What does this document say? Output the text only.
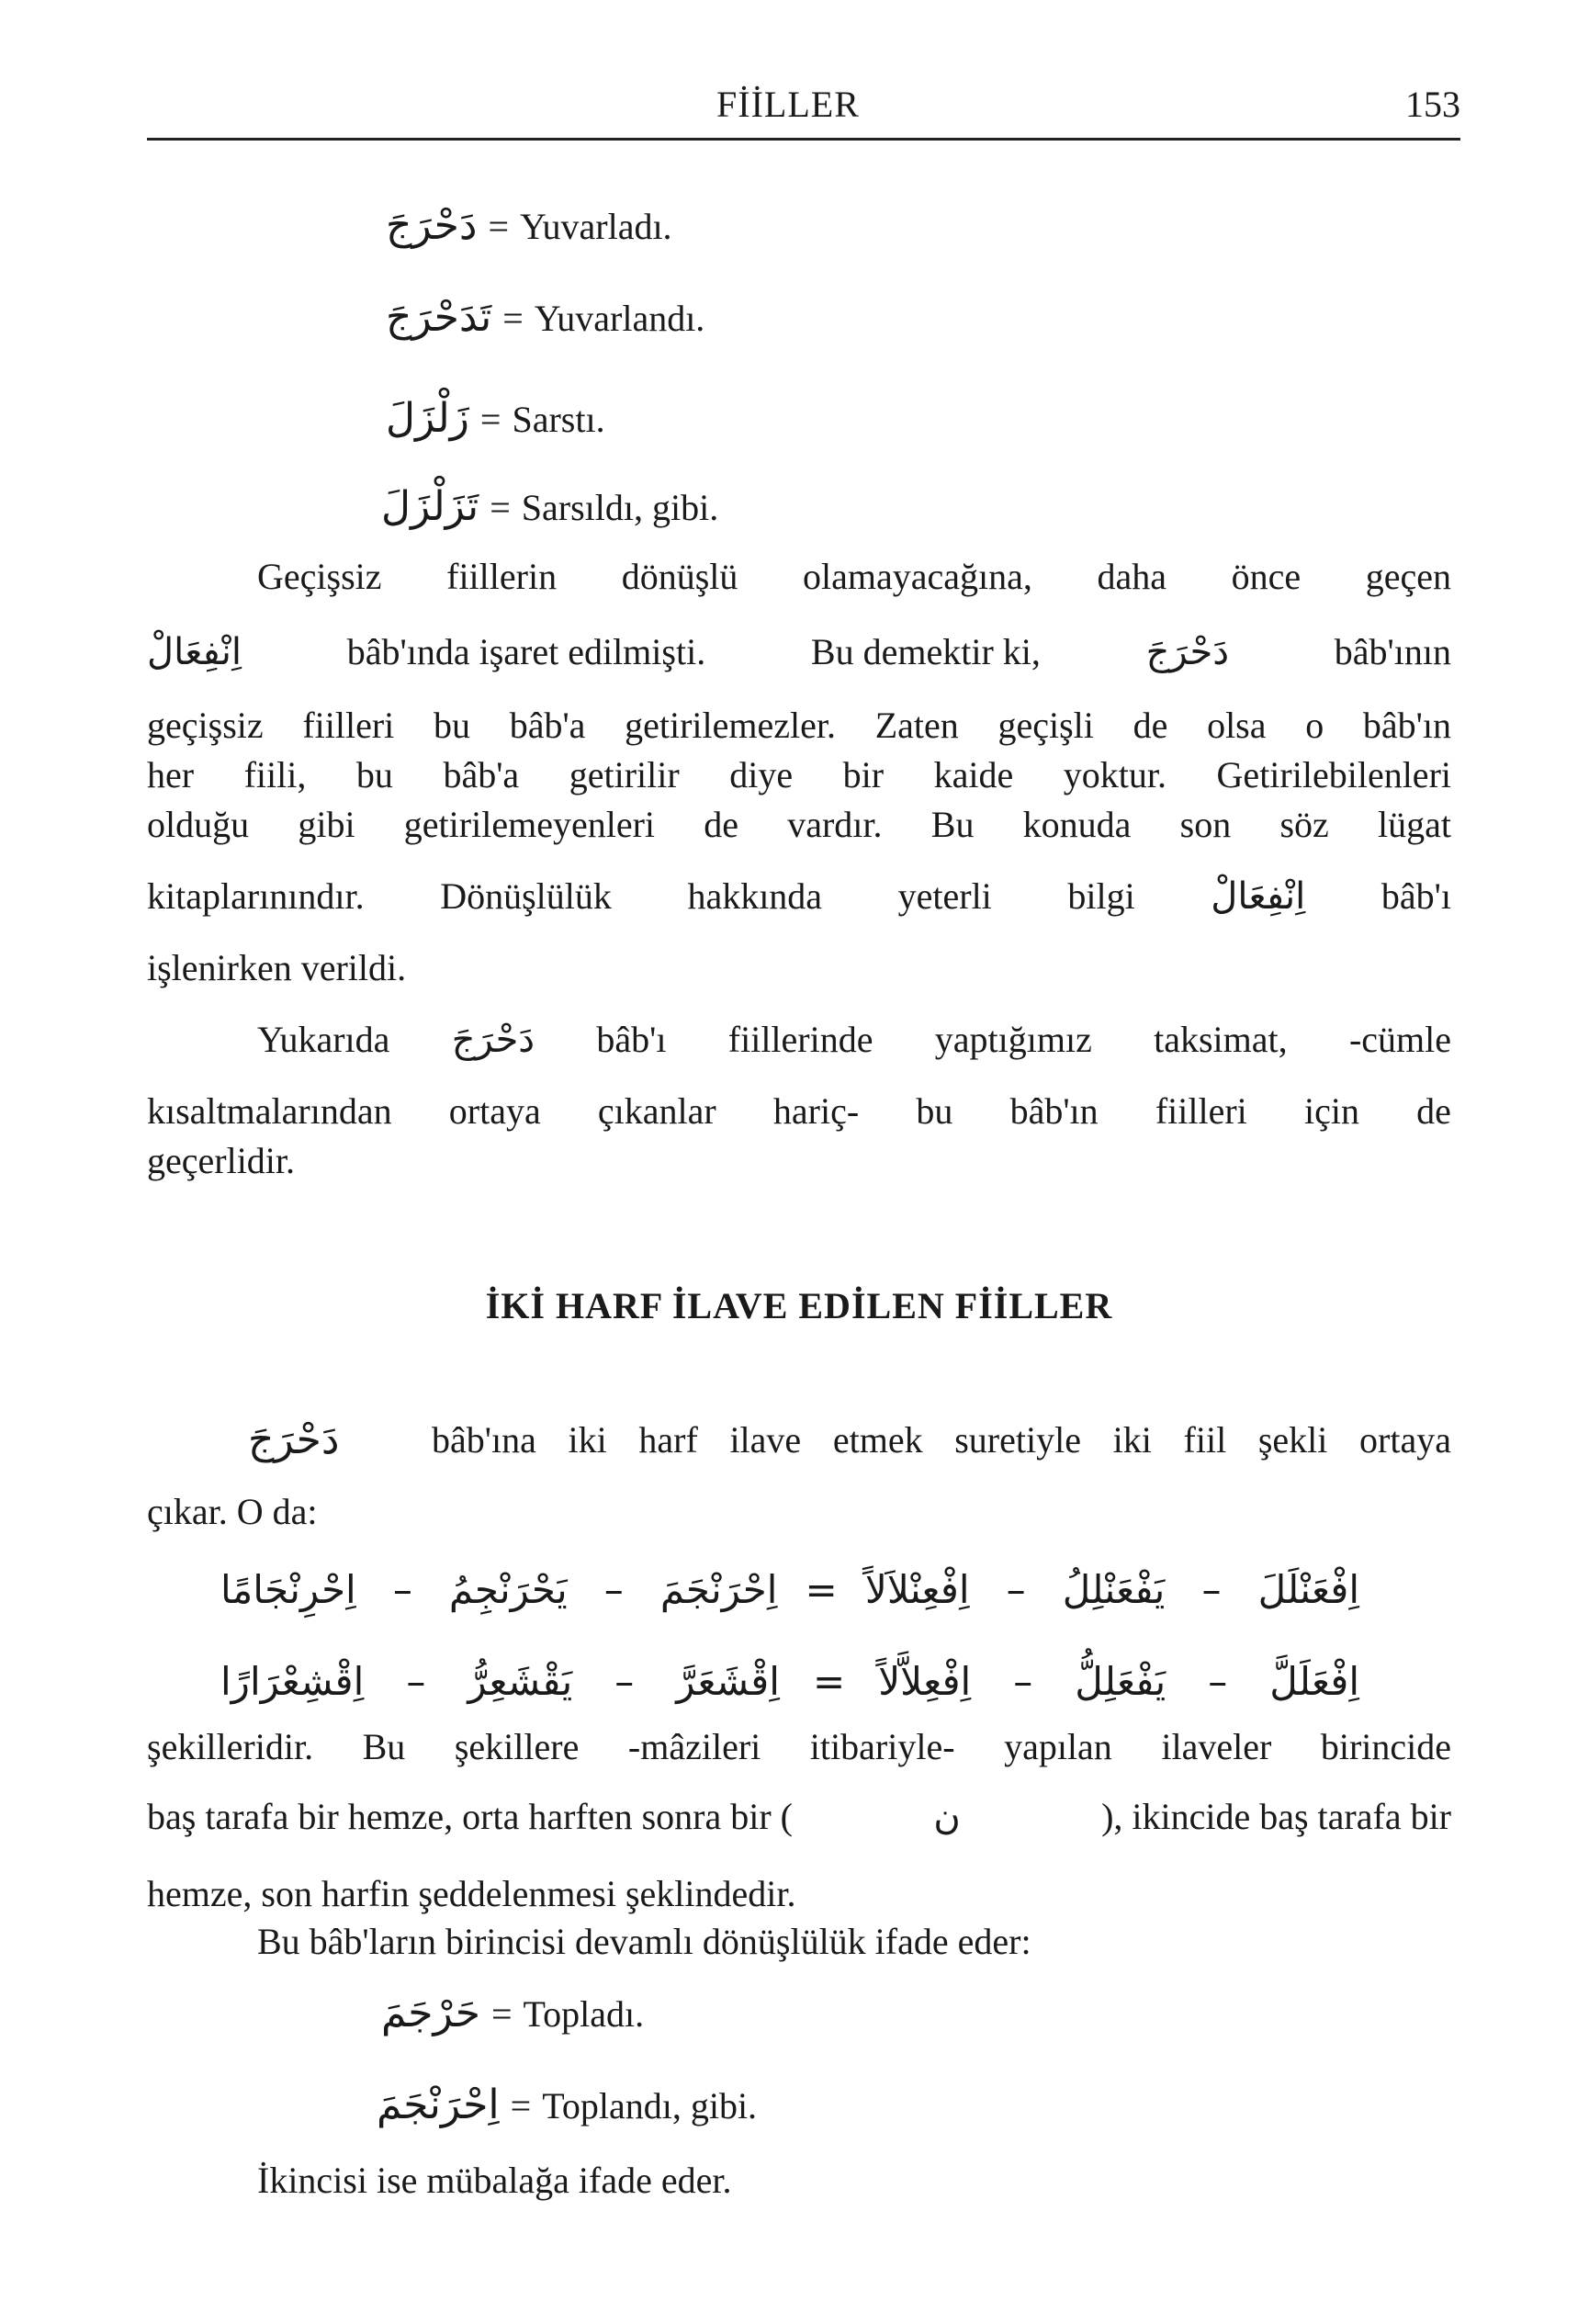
FİİLLER	153
دَحْرَجَ = Yuvarladı.
تَدَحْرَجَ = Yuvarlandı.
زَلْزَلَ = Sarstı.
تَزَلْزَلَ = Sarsıldı, gibi.
Geçişsiz fiillerin dönüşlü olamayacağına, daha önce geçen
اِنْفِعَالْ	bâb'ında işaret edilmişti.	Bu demektir ki,	دَحْرَجَ	bâb'ının
geçişsiz fiilleri bu bâb'a getirilemezler. Zaten geçişli de olsa o bâb'ın
her fiili, bu bâb'a getirilir diye bir kaide yoktur. Getirilebilenleri
olduğu gibi getirilemeyenleri de vardır. Bu konuda son söz lügat
kitaplarınındır. Dönüşlülük hakkında yeterli bilgi اِنْفِعَالْ bâb'ı
işlenirken verildi.
Yukarıda دَحْرَجَ bâb'ı fiillerinde yaptığımız taksimat, -cümle
kısaltmalarından ortaya çıkanlar hariç- bu bâb'ın fiilleri için de
geçerlidir.
İKİ HARF İLAVE EDİLEN FİİLLER
دَحْرَجَ	bâb'ına iki harf ilave etmek suretiyle iki fiil şekli ortaya
çıkar. O da:
اِفْعَنْلَلَ
–
يَفْعَنْلِلُ
–
اِفْعِنْلاَلاً
=
اِحْرَنْجَمَ
–
يَحْرَنْجِمُ
–
اِحْرِنْجَامًا
اِفْعَلَلَّ
–
يَفْعَلِلُّ
–
اِفْعِلاَّلاً
=
اِقْشَعَرَّ
–
يَقْشَعِرُّ
–
اِقْشِعْرَارًا
şekilleridir. Bu şekillere -mâzileri itibariyle- yapılan ilaveler birincide
baş tarafa bir hemze, orta harften sonra bir (	ن	), ikincide baş tarafa bir
hemze, son harfin şeddelenmesi şeklindedir.
Bu bâb'ların birincisi devamlı dönüşlülük ifade eder:
حَرْجَمَ = Topladı.
اِحْرَنْجَمَ = Toplandı, gibi.
İkincisi ise mübalağa ifade eder.
